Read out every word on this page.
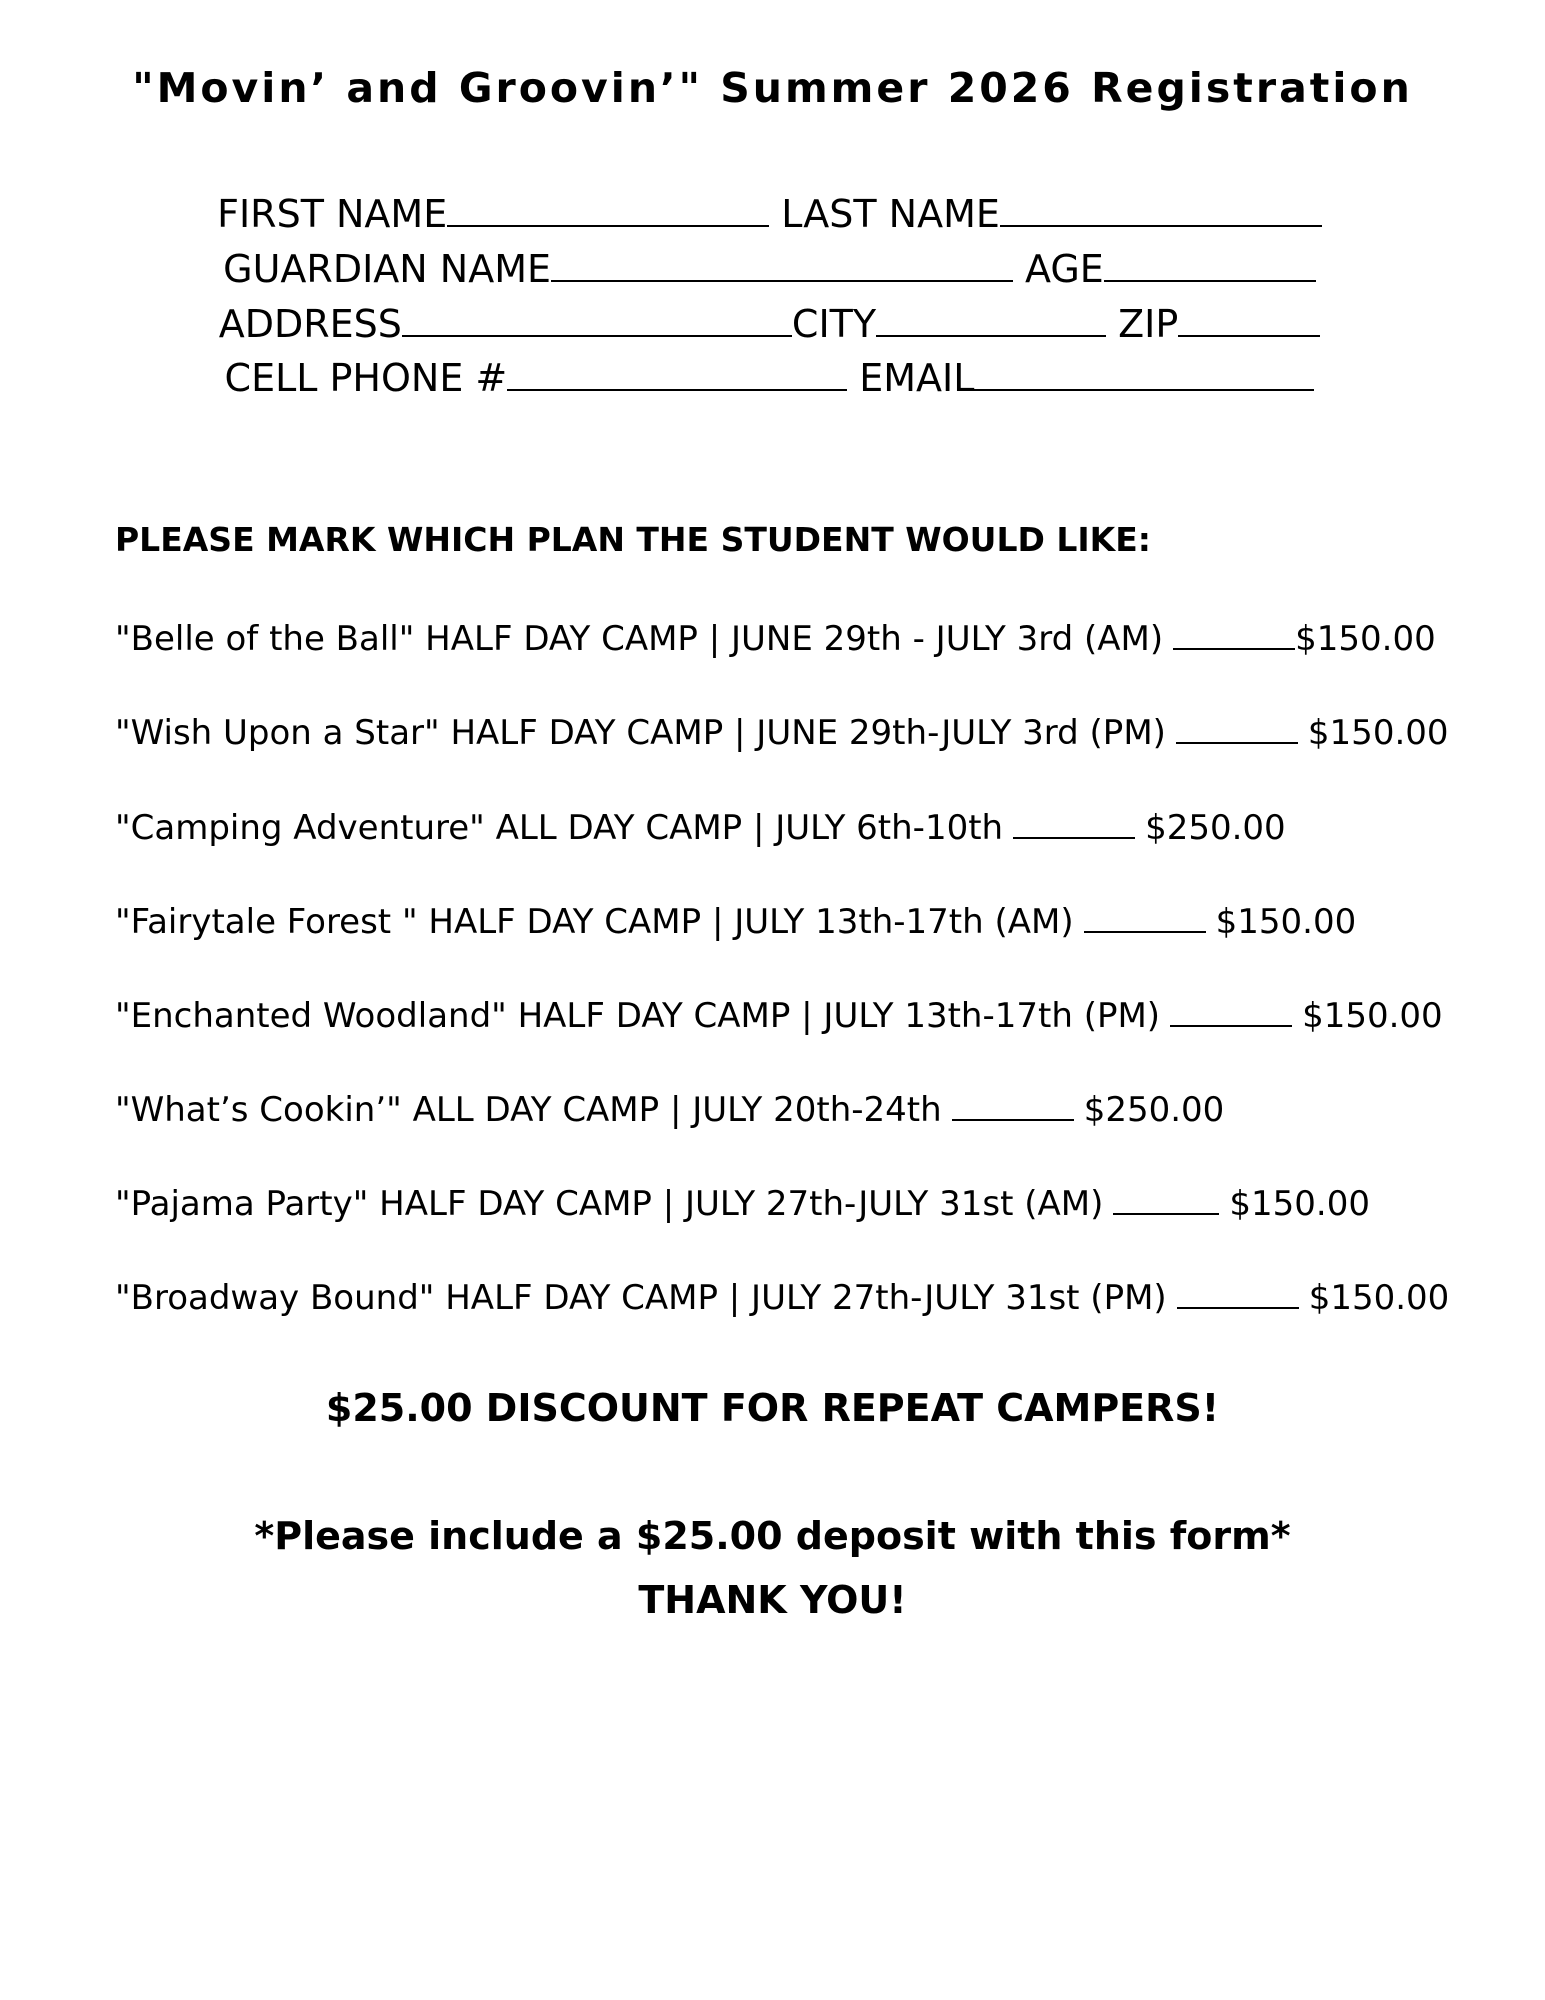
"Movin’ and Groovin’" Summer 2026 Registration
FIRST NAME	LAST NAME
GUARDIAN NAME	AGE
ADDRESS	CITY	ZIP
CELL PHONE #	EMAIL
PLEASE MARK WHICH PLAN THE STUDENT WOULD LIKE:
"Belle of the Ball" HALF DAY CAMP | JUNE 29th - JULY 3rd (AM)	$150.00
"Wish Upon a Star" HALF DAY CAMP | JUNE 29th-JULY 3rd (PM)	$150.00
"Camping Adventure" ALL DAY CAMP | JULY 6th-10th	$250.00
"Fairytale Forest " HALF DAY CAMP | JULY 13th-17th (AM)	$150.00
"Enchanted Woodland" HALF DAY CAMP | JULY 13th-17th (PM)	$150.00
"What’s Cookin’" ALL DAY CAMP | JULY 20th-24th	$250.00
"Pajama Party" HALF DAY CAMP | JULY 27th-JULY 31st (AM)	$150.00
"Broadway Bound" HALF DAY CAMP | JULY 27th-JULY 31st (PM)	$150.00
$25.00 DISCOUNT FOR REPEAT CAMPERS!
*Please include a $25.00 deposit with this form*
THANK YOU!
